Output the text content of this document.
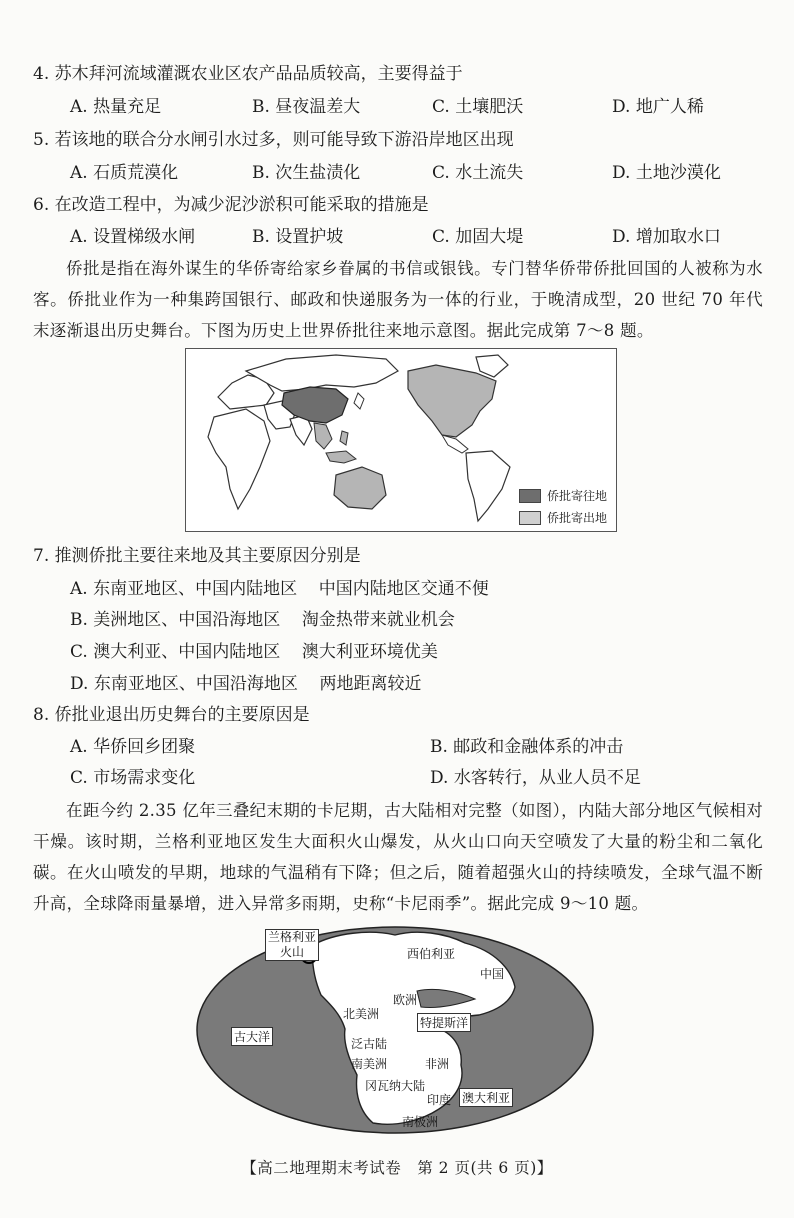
4. 苏木拜河流域灌溉农业区农产品品质较高，主要得益于
A. 热量充足	B. 昼夜温差大	C. 土壤肥沃	D. 地广人稀
5. 若该地的联合分水闸引水过多，则可能导致下游沿岸地区出现
A. 石质荒漠化	B. 次生盐渍化	C. 水土流失	D. 土地沙漠化
6. 在改造工程中，为减少泥沙淤积可能采取的措施是
A. 设置梯级水闸	B. 设置护坡	C. 加固大堤	D. 增加取水口

侨批是指在海外谋生的华侨寄给家乡眷属的书信或银钱。专门替华侨带侨批回国的人被称为水客。侨批业作为一种集跨国银行、邮政和快递服务为一体的行业，于晚清成型，20 世纪 70 年代末逐渐退出历史舞台。下图为历史上世界侨批往来地示意图。据此完成第 7～8 题。

侨批寄往地
侨批寄出地
7. 推测侨批主要往来地及其主要原因分别是
A. 东南亚地区、中国内陆地区    中国内陆地区交通不便
B. 美洲地区、中国沿海地区    淘金热带来就业机会
C. 澳大利亚、中国内陆地区    澳大利亚环境优美
D. 东南亚地区、中国沿海地区    两地距离较近
8. 侨批业退出历史舞台的主要原因是
A. 华侨回乡团聚	B. 邮政和金融体系的冲击
C. 市场需求变化	D. 水客转行，从业人员不足

在距今约 2.35 亿年三叠纪末期的卡尼期，古大陆相对完整（如图），内陆大部分地区气候相对干燥。该时期，兰格利亚地区发生大面积火山爆发，从火山口向天空喷发了大量的粉尘和二氧化碳。在火山喷发的早期，地球的气温稍有下降；但之后，随着超强火山的持续喷发，全球气温不断升高，全球降雨量暴增，进入异常多雨期，史称“卡尼雨季”。据此完成 9～10 题。

兰格利亚
火山	西伯利亚
中国
欧洲
北美洲
特提斯洋
古大洋	泛古陆
南美洲	非洲
冈瓦纳大陆
印度 澳大利亚
南极洲
【高二地理期末考试卷　第 2 页(共 6 页)】
